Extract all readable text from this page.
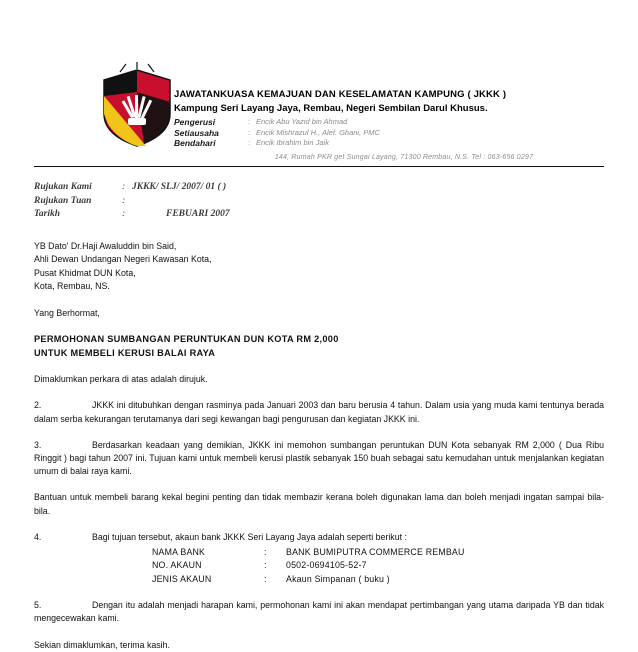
JAWATANKUASA KEMAJUAN DAN KESELAMATAN KAMPUNG ( JKKK )
Kampung Seri Layang Jaya, Rembau, Negeri Sembilan Darul Khusus.
Pengerusi	: Encik Abu Yazid bin Ahmad
Setiausaha	: Encik Mishrazul H., Alef. Ghani, PMC
Bendahari	: Encik Ibrahim bin Jaik
144, Rumah PKR get Sungai Layang, 71300 Rembau, N.S. Tel : 063-656 0297
Rujukan Kami	: JKKK/ SLJ/ 2007/ 01 ( )
Rujukan Tuan	:
Tarikh	:	FEBUARI 2007
YB Dato' Dr.Haji Awaluddin bin Said,
Ahli Dewan Undangan Negeri Kawasan Kota,
Pusat Khidmat DUN Kota,
Kota, Rembau, NS.
Yang Berhormat,
PERMOHONAN SUMBANGAN PERUNTUKAN DUN KOTA RM 2,000
UNTUK MEMBELI KERUSI BALAI RAYA
Dimaklumkan perkara di atas adalah dirujuk.
2.	JKKK ini ditubuhkan dengan rasminya pada Januari 2003 dan baru berusia 4 tahun. Dalam usia yang muda kami tentunya berada dalam serba kekurangan terutamanya dari segi kewangan bagi pengurusan dan kegiatan JKKK ini.
3.	Berdasarkan keadaan yang demikian, JKKK ini memohon sumbangan peruntukan DUN Kota sebanyak RM 2,000 ( Dua Ribu Ringgit ) bagi tahun 2007 ini. Tujuan kami untuk membeli kerusi plastik sebanyak 150 buah sebagai satu kemudahan untuk menjalankan kegiatan umum di balai raya kami.
Bantuan untuk membeli barang kekal begini penting dan tidak membazir kerana boleh digunakan lama dan boleh menjadi ingatan sampai bila-bila.
4.	Bagi tujuan tersebut, akaun bank JKKK Seri Layang Jaya adalah seperti berikut :
NAMA BANK	:	BANK BUMIPUTRA COMMERCE REMBAU
NO. AKAUN	:	0502-0694105-52-7
JENIS AKAUN	:	Akaun Simpanan ( buku )
5.	Dengan itu adalah menjadi harapan kami, permohonan kami ini akan mendapat pertimbangan yang utama daripada YB dan tidak mengecewakan kami.
Sekian dimaklumkan, terima kasih.
